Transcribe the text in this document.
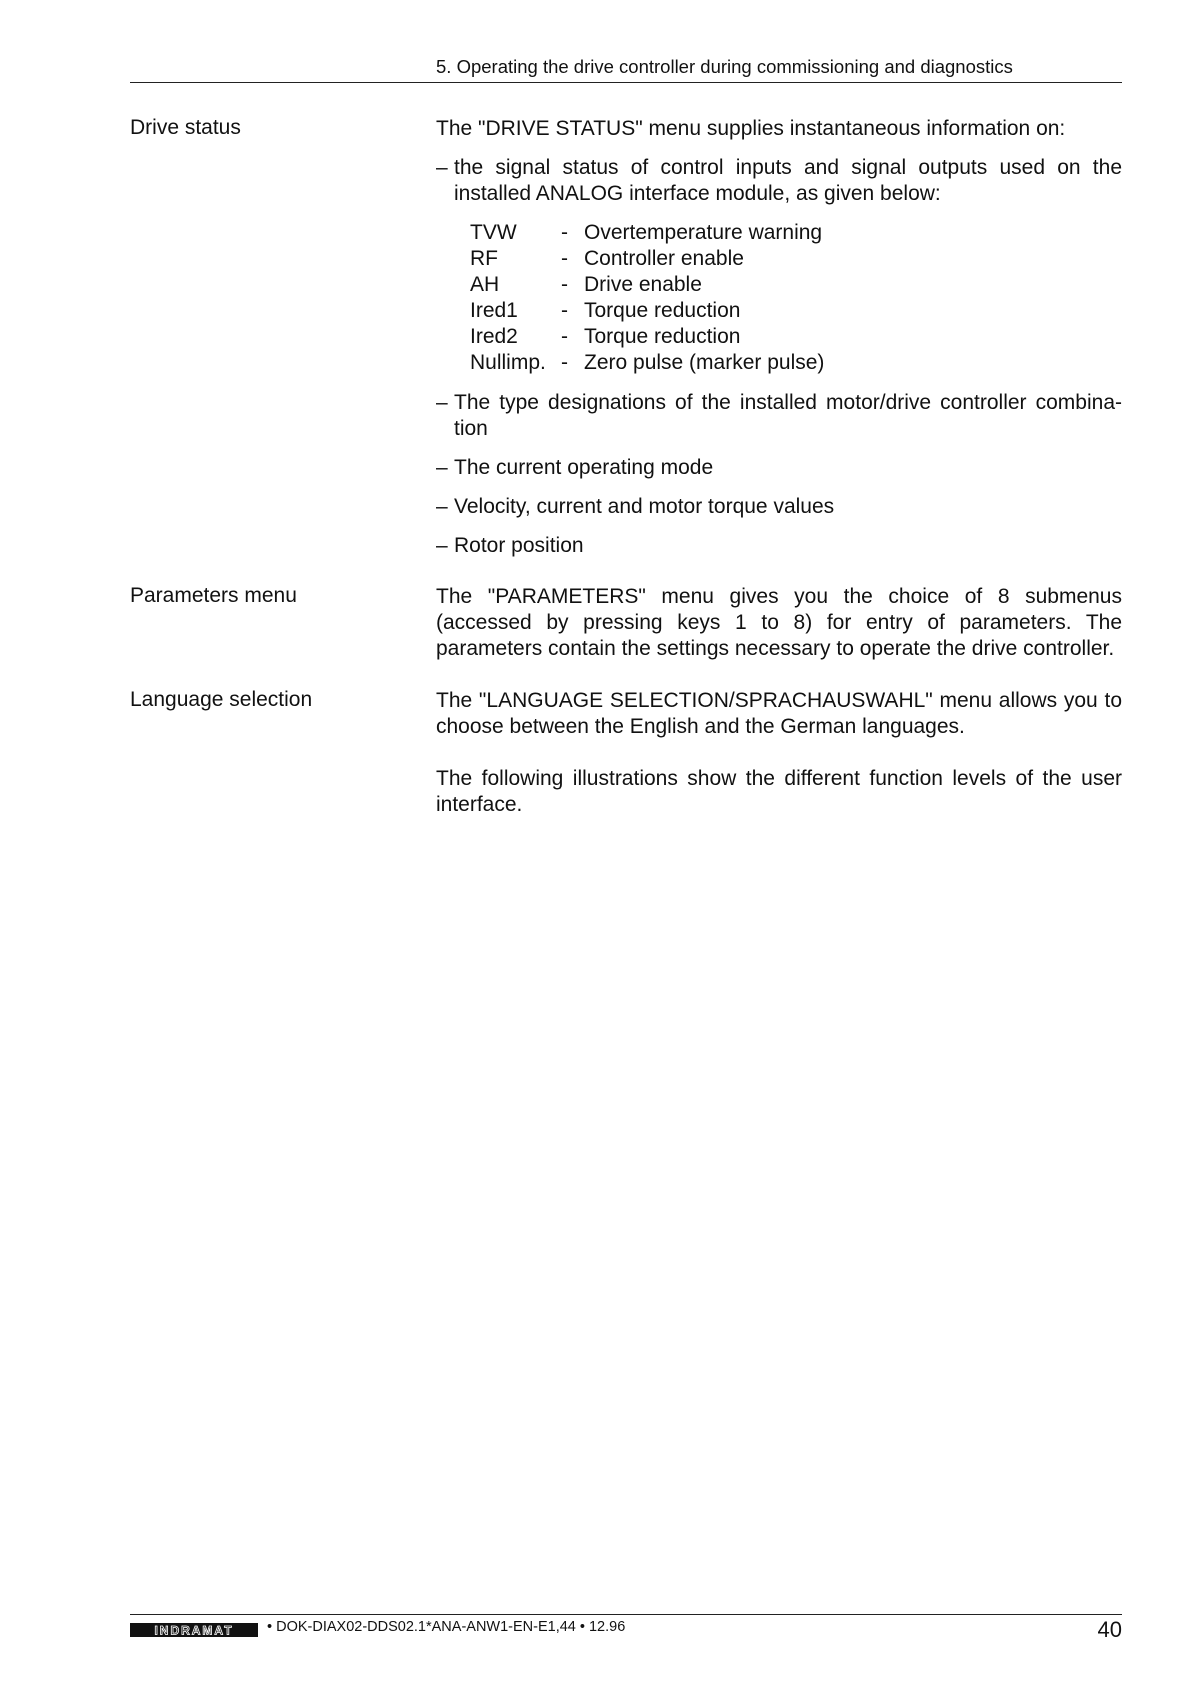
5. Operating the drive controller during commissioning and diagnostics
Drive status	The "DRIVE STATUS" menu supplies instantaneous information on:
– the signal status of control inputs and signal outputs used on the installed ANALOG interface module, as given below:
TVW	- Overtemperature warning
RF	- Controller enable
AH	- Drive enable
Ired1	- Torque reduction
Ired2	- Torque reduction
Nullimp. - Zero pulse (marker pulse)
– The type designations of the installed motor/drive controller combina-tion
– The current operating mode
– Velocity, current and motor torque values
– Rotor position
Parameters menu	The "PARAMETERS" menu gives you the choice of 8 submenus (accessed by pressing keys 1 to 8) for entry of parameters. The parameters contain the settings necessary to operate the drive controller.
Language selection	The "LANGUAGE SELECTION/SPRACHAUSWAHL" menu allows you to choose between the English and the German languages.
The following illustrations show the different function levels of the user interface.
INDRAMAT • DOK-DIAX02-DDS02.1*ANA-ANW1-EN-E1,44 • 12.96	40
